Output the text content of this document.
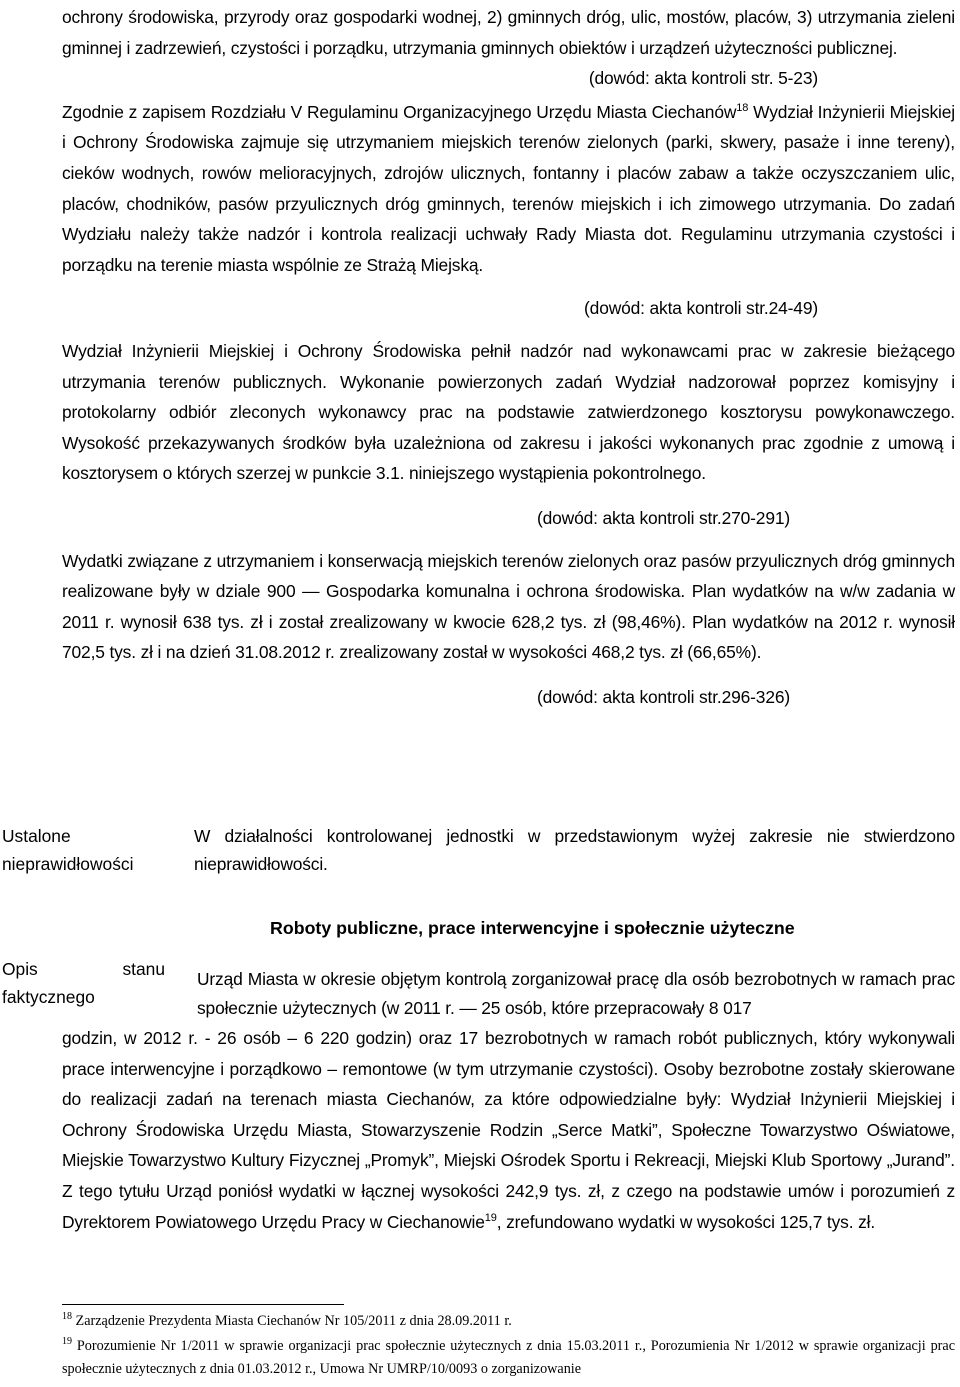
ochrony środowiska, przyrody oraz gospodarki wodnej, 2) gminnych dróg, ulic, mostów, placów, 3) utrzymania zieleni gminnej i zadrzewień, czystości i porządku, utrzymania gminnych obiektów i urządzeń użyteczności publicznej.

(dowód: akta kontroli str. 5-23)

Zgodnie z zapisem Rozdziału V Regulaminu Organizacyjnego Urzędu Miasta Ciechanów$^{18}$ Wydział Inżynierii Miejskiej i Ochrony Środowiska zajmuje się utrzymaniem miejskich terenów zielonych (parki, skwery, pasaże i inne tereny), cieków wodnych, rowów melioracyjnych, zdrojów ulicznych, fontanny i placów zabaw a także oczyszczaniem ulic, placów, chodników, pasów przyulicznych dróg gminnych, terenów miejskich i ich zimowego utrzymania. Do zadań Wydziału należy także nadzór i kontrola realizacji uchwały Rady Miasta dot. Regulaminu utrzymania czystości i porządku na terenie miasta wspólnie ze Strażą Miejską.

(dowód: akta kontroli str.24-49)

Wydział Inżynierii Miejskiej i Ochrony Środowiska pełnił nadzór nad wykonawcami prac w zakresie bieżącego utrzymania terenów publicznych. Wykonanie powierzonych zadań Wydział nadzorował poprzez komisyjny i protokolarny odbiór zleconych wykonawcy prac na podstawie zatwierdzonego kosztorysu powykonawczego. Wysokość przekazywanych środków była uzależniona od zakresu i jakości wykonanych prac zgodnie z umową i kosztorysem o których szerzej w punkcie 3.1. niniejszego wystąpienia pokontrolnego.

(dowód: akta kontroli str.270-291)

Wydatki związane z utrzymaniem i konserwacją miejskich terenów zielonych oraz pasów przyulicznych dróg gminnych realizowane były w dziale 900 — Gospodarka komunalna i ochrona środowiska. Plan wydatków na w/w zadania w 2011 r. wynosił 638 tys. zł i został zrealizowany w kwocie 628,2 tys. zł (98,46%). Plan wydatków na 2012 r. wynosił 702,5 tys. zł i na dzień 31.08.2012 r. zrealizowany został w wysokości 468,2 tys. zł (66,65%).

(dowód: akta kontroli str.296-326)

Ustalone
nieprawidłowości
W działalności kontrolowanej jednostki w przedstawionym wyżej zakresie nie stwierdzono nieprawidłowości.
Roboty publiczne, prace interwencyjne i społecznie użyteczne
Opis	stanu
faktycznego
Urząd Miasta w okresie objętym kontrolą zorganizował pracę dla osób bezrobotnych w ramach prac społecznie użytecznych (w 2011 r. — 25 osób, które przepracowały 8 017
godzin, w 2012 r. - 26 osób – 6 220 godzin) oraz 17 bezrobotnych w ramach robót publicznych, który wykonywali prace interwencyjne i porządkowo – remontowe (w tym utrzymanie czystości). Osoby bezrobotne zostały skierowane do realizacji zadań na terenach miasta Ciechanów, za które odpowiedzialne były: Wydział Inżynierii Miejskiej i Ochrony Środowiska Urzędu Miasta, Stowarzyszenie Rodzin „Serce Matki”, Społeczne Towarzystwo Oświatowe, Miejskie Towarzystwo Kultury Fizycznej „Promyk”, Miejski Ośrodek Sportu i Rekreacji, Miejski Klub Sportowy „Jurand”. Z tego tytułu Urząd poniósł wydatki w łącznej wysokości 242,9 tys. zł, z czego na podstawie umów i porozumień z Dyrektorem Powiatowego Urzędu Pracy w Ciechanowie$^{19}$, zrefundowano wydatki w wysokości 125,7 tys. zł.

$^{18}$ Zarządzenie Prezydenta Miasta Ciechanów Nr 105/2011 z dnia 28.09.2011 r.

$^{19}$ Porozumienie Nr 1/2011 w sprawie organizacji prac społecznie użytecznych z dnia 15.03.2011 r., Porozumienia Nr 1/2012 w sprawie organizacji prac społecznie użytecznych z dnia 01.03.2012 r., Umowa Nr UMRP/10/0093 o zorganizowanie
